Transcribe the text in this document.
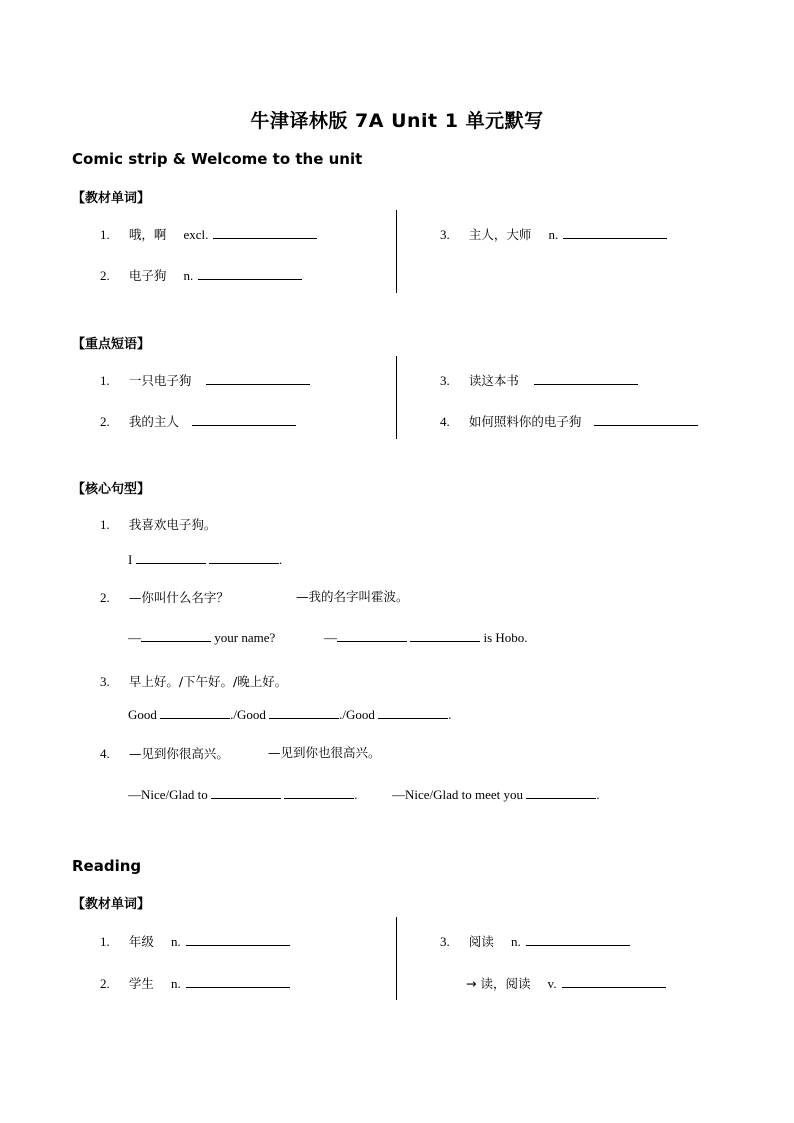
牛津译林版 7A Unit 1 单元默写
Comic strip & Welcome to the unit
【教材单词】
1. 哦，啊 excl.
2. 电子狗 n.
3. 主人，大师 n.
【重点短语】
1. 一只电子狗
2. 我的主人
3. 读这本书
4. 如何照料你的电子狗
【核心句型】
1. 我喜欢电子狗。
I	.
2. —你叫什么名字？	—我的名字叫霍波。
—	your name?	—	is Hobo.
3. 早上好。/下午好。/晚上好。
Good	./Good	./Good	.
4. —见到你很高兴。	—见到你也很高兴。
—Nice/Glad to	.	—Nice/Glad to meet you	.
Reading
【教材单词】
1. 年级 n.
2. 学生 n.
3. 阅读 n.
→ 读，阅读 v.
